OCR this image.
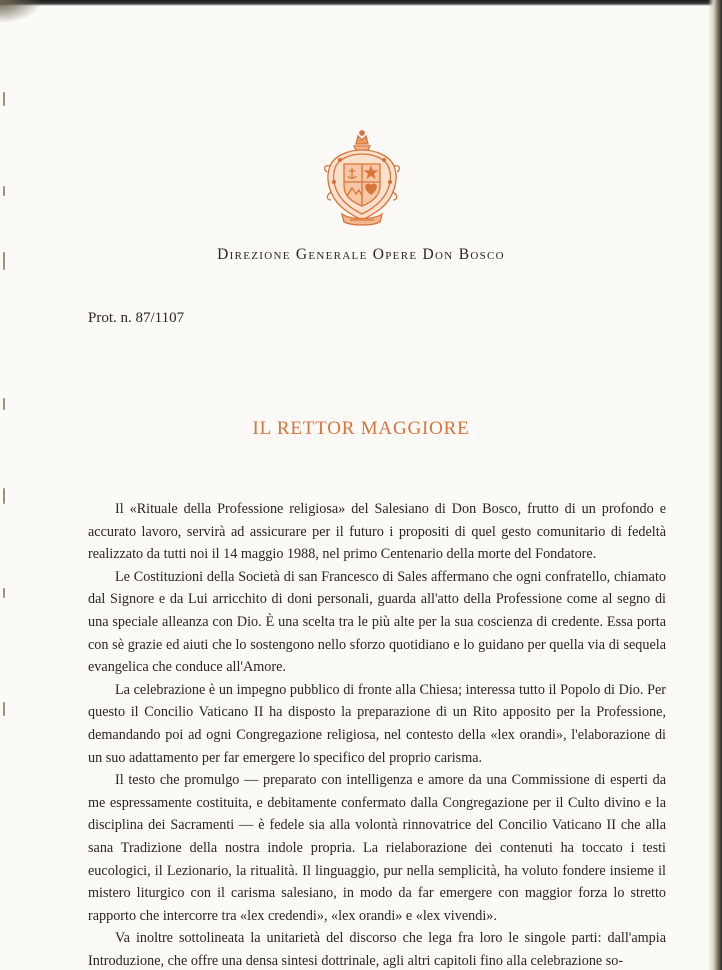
Direzione Generale Opere Don Bosco
Prot. n. 87/1107
IL RETTOR MAGGIORE

Il «Rituale della Professione religiosa» del Salesiano di Don Bosco, frutto di un profondo e accurato lavoro, servirà ad assicurare per il futuro i propositi di quel gesto comunitario di fedeltà realizzato da tutti noi il 14 maggio 1988, nel primo Centenario della morte del Fondatore.

Le Costituzioni della Società di san Francesco di Sales affermano che ogni confratello, chiamato dal Signore e da Lui arricchito di doni personali, guarda all'atto della Professione come al segno di una speciale alleanza con Dio. È una scelta tra le più alte per la sua coscienza di credente. Essa porta con sè grazie ed aiuti che lo sostengono nello sforzo quotidiano e lo guidano per quella via di sequela evangelica che conduce all'Amore.

La celebrazione è un impegno pubblico di fronte alla Chiesa; interessa tutto il Popolo di Dio. Per questo il Concilio Vaticano II ha disposto la preparazione di un Rito apposito per la Professione, demandando poi ad ogni Congregazione religiosa, nel contesto della «lex orandi», l'elaborazione di un suo adattamento per far emergere lo specifico del proprio carisma.

Il testo che promulgo — preparato con intelligenza e amore da una Commissione di esperti da me espressamente costituita, e debitamente confermato dalla Congregazione per il Culto divino e la disciplina dei Sacramenti — è fedele sia alla volontà rinnovatrice del Concilio Vaticano II che alla sana Tradizione della nostra indole propria. La rielaborazione dei contenuti ha toccato i testi eucologici, il Lezionario, la ritualità. Il linguaggio, pur nella semplicità, ha voluto fondere insieme il mistero liturgico con il carisma salesiano, in modo da far emergere con maggior forza lo stretto rapporto che intercorre tra «lex credendi», «lex orandi» e «lex vivendi».

Va inoltre sottolineata la unitarietà del discorso che lega fra loro le singole parti: dall'ampia Introduzione, che offre una densa sintesi dottrinale, agli altri capitoli fino alla celebrazione so-
